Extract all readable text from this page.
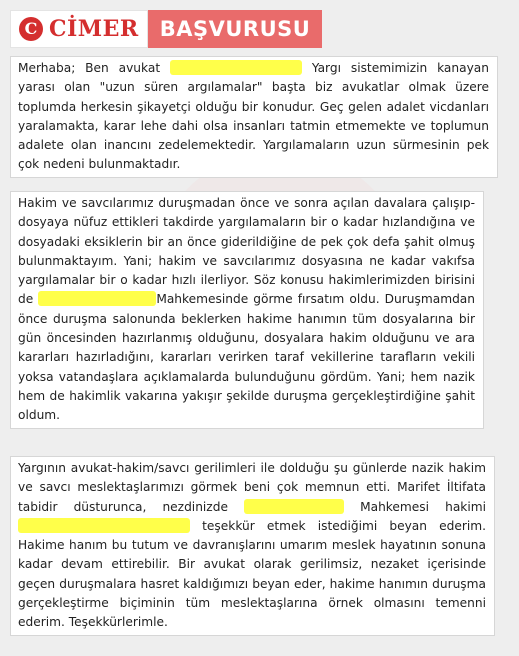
C CİMER	BAŞVURUSU

Merhaba; Ben avukat	Yargı sistemimizin kanayan yarası olan "uzun süren argılamalar" başta biz avukatlar olmak üzere toplumda herkesin şikayetçi olduğu bir konudur. Geç gelen adalet vicdanları yaralamakta, karar lehe dahi olsa insanları tatmin etmemekte ve toplumun adalete olan inancını zedelemektedir. Yargılamaların uzun sürmesinin pek çok nedeni bulunmaktadır.

Hakim ve savcılarımız duruşmadan önce ve sonra açılan davalara çalışıp-dosyaya nüfuz ettikleri takdirde yargılamaların bir o kadar hızlandığına ve dosyadaki eksiklerin bir an önce giderildiğine de pek çok defa şahit olmuş bulunmaktayım. Yani; hakim ve savcılarımız dosyasına ne kadar vakıfsa yargılamalar bir o kadar hızlı ilerliyor. Söz konusu hakimlerimizden birisini de	Mahkemesinde görme fırsatım oldu. Duruşmamdan önce duruşma salonunda beklerken hakime hanımın tüm dosyalarına bir gün öncesinden hazırlanmış olduğunu, dosyalara hakim olduğunu ve ara kararları hazırladığını, kararları verirken taraf vekillerine tarafların vekili yoksa vatandaşlara açıklamalarda bulunduğunu gördüm. Yani; hem nazik hem de hakimlik vakarına yakışır şekilde duruşma gerçekleştirdiğine şahit oldum.

Yargının avukat-hakim/savcı gerilimleri ile dolduğu şu günlerde nazik hakim ve savcı meslektaşlarımızı görmek beni çok memnun etti. Marifet İltifata tabidir düsturunca, nezdinizde	Mahkemesi hakimi  teşekkür etmek istediğimi beyan ederim. Hakime hanım bu tutum ve davranışlarını umarım meslek hayatının sonuna kadar devam ettirebilir. Bir avukat olarak gerilimsiz, nezaket içerisinde geçen duruşmalara hasret kaldığımızı beyan eder, hakime hanımın duruşma gerçekleştirme biçiminin tüm meslektaşlarına örnek olmasını temenni ederim. Teşekkürlerimle.
